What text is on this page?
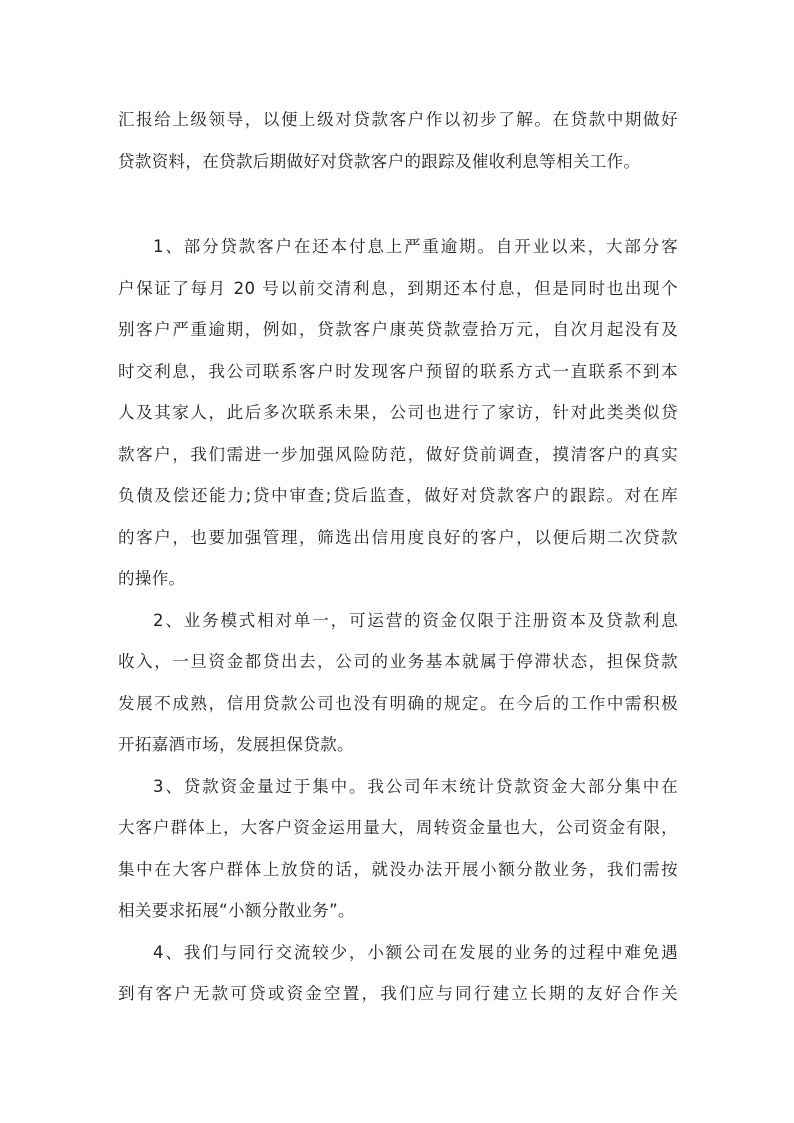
汇报给上级领导，以便上级对贷款客户作以初步了解。在贷款中期做好
贷款资料，在贷款后期做好对贷款客户的跟踪及催收利息等相关工作。
1、部分贷款客户在还本付息上严重逾期。自开业以来，大部分客
户保证了每月 20 号以前交清利息，到期还本付息，但是同时也出现个
别客户严重逾期，例如，贷款客户康英贷款壹拾万元，自次月起没有及
时交利息，我公司联系客户时发现客户预留的联系方式一直联系不到本
人及其家人，此后多次联系未果，公司也进行了家访，针对此类类似贷
款客户，我们需进一步加强风险防范，做好贷前调查，摸清客户的真实
负债及偿还能力;贷中审查;贷后监查，做好对贷款客户的跟踪。对在库
的客户，也要加强管理，筛选出信用度良好的客户，以便后期二次贷款
的操作。
2、业务模式相对单一，可运营的资金仅限于注册资本及贷款利息
收入，一旦资金都贷出去，公司的业务基本就属于停滞状态，担保贷款
发展不成熟，信用贷款公司也没有明确的规定。在今后的工作中需积极
开拓嘉酒市场，发展担保贷款。
3、贷款资金量过于集中。我公司年末统计贷款资金大部分集中在
大客户群体上，大客户资金运用量大，周转资金量也大，公司资金有限，
集中在大客户群体上放贷的话，就没办法开展小额分散业务，我们需按
相关要求拓展“小额分散业务”。
4、我们与同行交流较少，小额公司在发展的业务的过程中难免遇
到有客户无款可贷或资金空置，我们应与同行建立长期的友好合作关
